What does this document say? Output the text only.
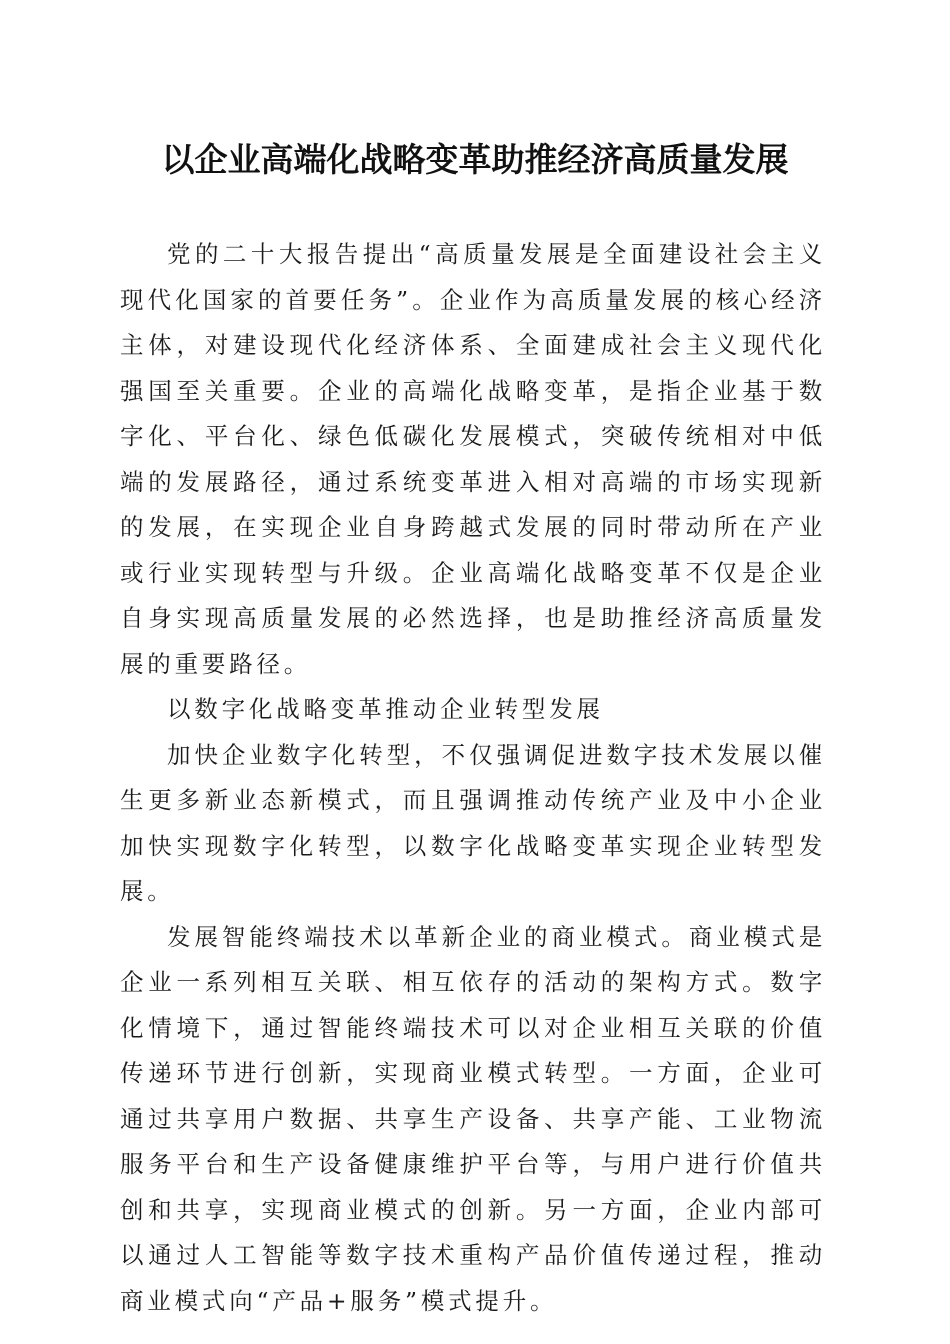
以企业高端化战略变革助推经济高质量发展

党的二十大报告提出“高质量发展是全面建设社会主义现代化国家的首要任务”。企业作为高质量发展的核心经济主体，对建设现代化经济体系、全面建成社会主义现代化强国至关重要。企业的高端化战略变革，是指企业基于数字化、平台化、绿色低碳化发展模式，突破传统相对中低端的发展路径，通过系统变革进入相对高端的市场实现新的发展，在实现企业自身跨越式发展的同时带动所在产业或行业实现转型与升级。企业高端化战略变革不仅是企业自身实现高质量发展的必然选择，也是助推经济高质量发展的重要路径。

以数字化战略变革推动企业转型发展

加快企业数字化转型，不仅强调促进数字技术发展以催生更多新业态新模式，而且强调推动传统产业及中小企业加快实现数字化转型，以数字化战略变革实现企业转型发展。

发展智能终端技术以革新企业的商业模式。商业模式是企业一系列相互关联、相互依存的活动的架构方式。数字化情境下，通过智能终端技术可以对企业相互关联的价值传递环节进行创新，实现商业模式转型。一方面，企业可通过共享用户数据、共享生产设备、共享产能、工业物流服务平台和生产设备健康维护平台等，与用户进行价值共创和共享，实现商业模式的创新。另一方面，企业内部可以通过人工智能等数字技术重构产品价值传递过程，推动商业模式向“产品+服务”模式提升。
